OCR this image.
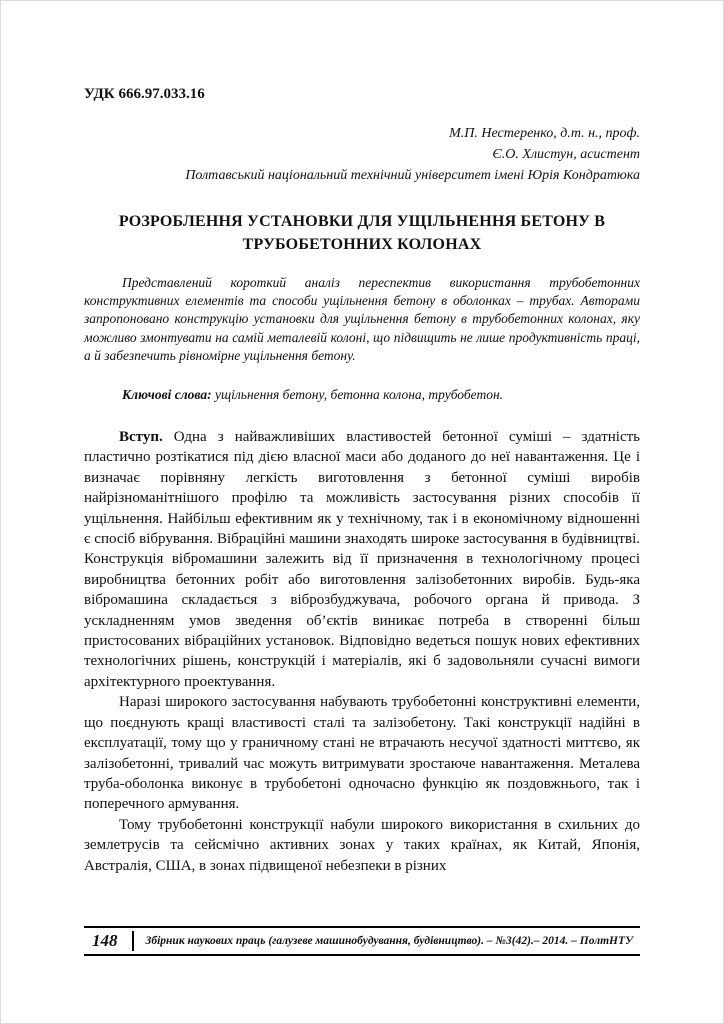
УДК 666.97.033.16
М.П. Нестеренко, д.т. н., проф.
Є.О. Хлистун, асистент
Полтавський національний технічний університет імені Юрія Кондратюка
РОЗРОБЛЕННЯ УСТАНОВКИ ДЛЯ УЩІЛЬНЕННЯ БЕТОНУ В ТРУБОБЕТОННИХ КОЛОНАХ

Представлений короткий аналіз переспектив використання трубобетонних конструктивних елементів та способи ущільнення бетону в оболонках – трубах. Авторами запропоновано конструкцію установки для ущільнення бетону в трубобетонних колонах, яку можливо змонтувати на самій металевій колоні, що підвищить не лише продуктивність праці, а й забезпечить рівномірне ущільнення бетону.

Ключові слова: ущільнення бетону, бетонна колона, трубобетон.

Вступ. Одна з найважливіших властивостей бетонної суміші – здатність пластично розтікатися під дією власної маси або доданого до неї навантаження. Це і визначає порівняну легкість виготовлення з бетонної суміші виробів найрізноманітнішого профілю та можливість застосування різних способів її ущільнення. Найбільш ефективним як у технічному, так і в економічному відношенні є спосіб вібрування. Вібраційні машини знаходять широке застосування в будівництві. Конструкція вібромашини залежить від її призначення в технологічному процесі виробництва бетонних робіт або виготовлення залізобетонних виробів. Будь-яка вібромашина складається з віброзбуджувача, робочого органа й привода. З ускладненням умов зведення об’єктів виникає потреба в створенні більш пристосованих вібраційних установок. Відповідно ведеться пошук нових ефективних технологічних рішень, конструкцій і матеріалів, які б задовольняли сучасні вимоги архітектурного проектування.

Наразі широкого застосування набувають трубобетонні конструктивні елементи, що поєднують кращі властивості сталі та залізобетону. Такі конструкції надійні в експлуатації, тому що у граничному стані не втрачають несучої здатності миттєво, як залізобетонні, тривалий час можуть витримувати зростаюче навантаження. Металева труба-оболонка виконує в трубобетоні одночасно функцію як поздовжнього, так і поперечного армування.

Тому трубобетонні конструкції набули широкого використання в схильних до землетрусів та сейсмічно активних зонах у таких країнах, як Китай, Японія, Австралія, США, в зонах підвищеної небезпеки в різних

148	Збірник наукових праць (галузеве машинобудування, будівництво). – №3(42).– 2014. – ПолтНТУ
